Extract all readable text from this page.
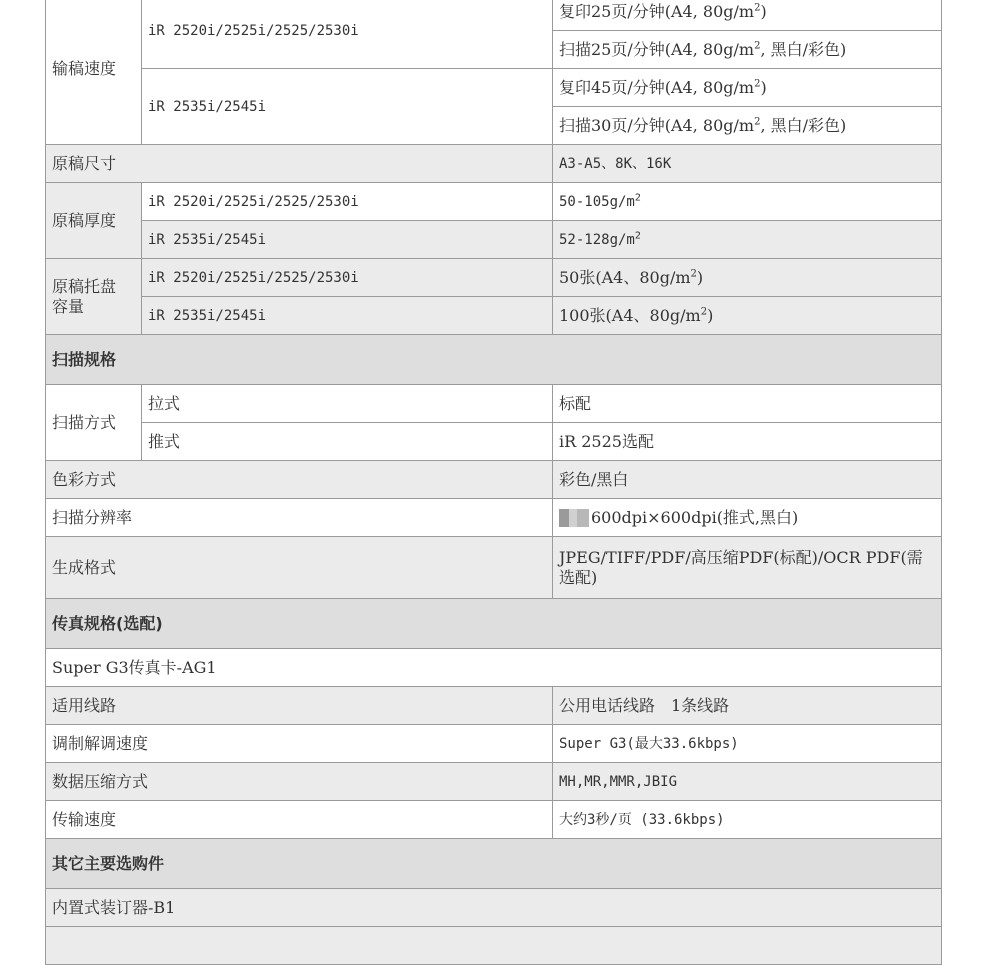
输稿速度	iR 2520i/2525i/2525/2530i	复印25页/分钟(A4, $80g/m^2$)
		扫描25页/分钟(A4, $80g/m^2$, 黑白/彩色)
	iR 2535i/2545i	复印45页/分钟(A4, $80g/m^2$)
		扫描30页/分钟(A4, $80g/m^2$, 黑白/彩色)
原稿尺寸		A3-A5、8K、16K
原稿厚度	iR 2520i/2525i/2525/2530i	$50-105g/m^2$
	iR 2535i/2545i	$52-128g/m^2$
原稿托盘
容量	iR 2520i/2525i/2525/2530i	50张(A4、$80g/m^2$)
	iR 2535i/2545i	100张(A4、$80g/m^2$)
扫描规格		
扫描方式	拉式	标配
	推式	iR 2525选配
色彩方式		彩色/黑白
扫描分辨率		600dpi×600dpi(推式,黑白)
生成格式		JPEG/TIFF/PDF/高压缩PDF(标配)/OCR PDF(需选配)
传真规格(选配)		
Super G3传真卡-AG1		
适用线路		公用电话线路　1条线路
调制解调速度		Super G3(最大33.6kbps)
数据压缩方式		MH,MR,MMR,JBIG
传输速度		大约3秒/页 (33.6kbps)
其它主要选购件		
内置式装订器-B1		
